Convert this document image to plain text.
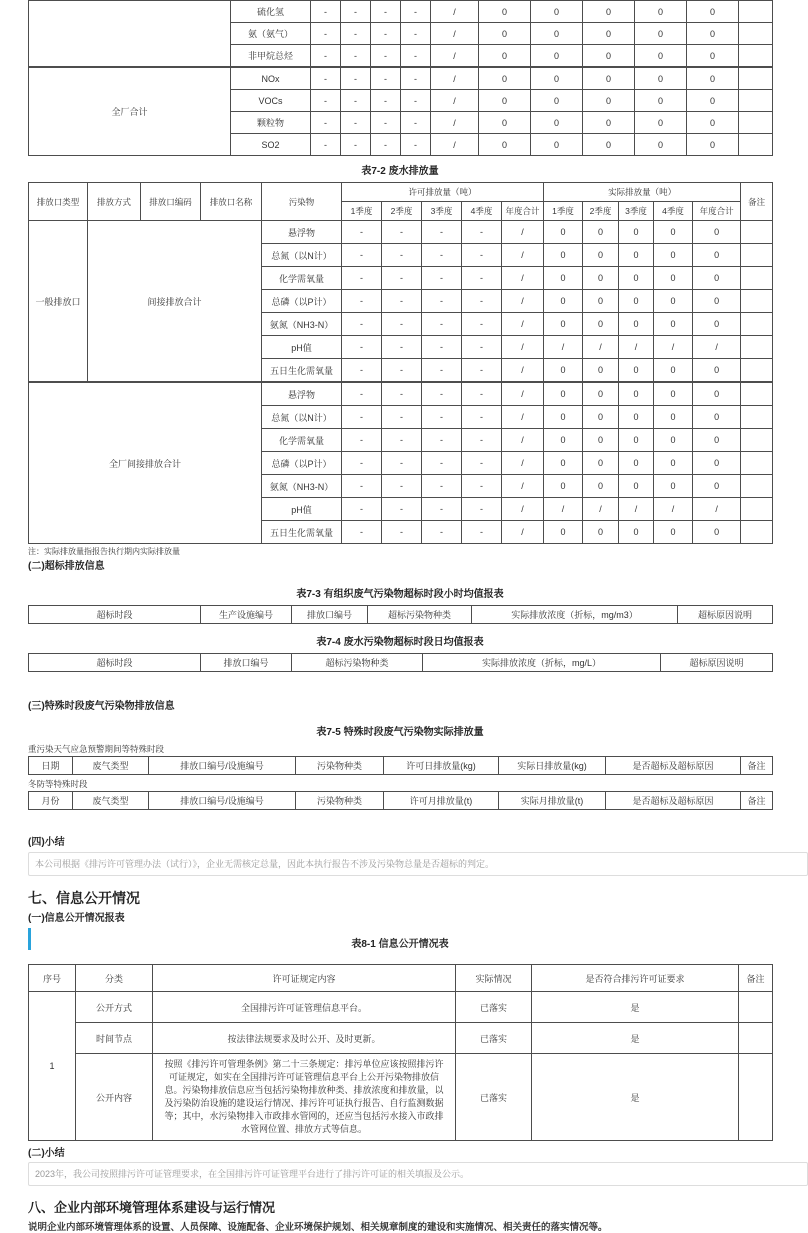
	硫化氢	-	-	-	-	/	0	0	0	0	0	
	氨（氨气）	-	-	-	-	/	0	0	0	0	0	
	非甲烷总烃	-	-	-	-	/	0	0	0	0	0	
全厂合计	NOx	-	-	-	-	/	0	0	0	0	0	
	VOCs	-	-	-	-	/	0	0	0	0	0	
	颗粒物	-	-	-	-	/	0	0	0	0	0	
	SO2	-	-	-	-	/	0	0	0	0	0	
表7-2 废水排放量
排放口类型	排放方式	排放口编码	排放口名称	污染物	许可排放量（吨）					实际排放量（吨）					备注
					1季度	2季度	3季度	4季度	年度合计	1季度	2季度	3季度	4季度	年度合计	
一般排放口	间接排放合计			悬浮物	-	-	-	-	/	0	0	0	0	0	
				总氮（以N计）	-	-	-	-	/	0	0	0	0	0	
				化学需氧量	-	-	-	-	/	0	0	0	0	0	
				总磷（以P计）	-	-	-	-	/	0	0	0	0	0	
				氨氮（NH3-N）	-	-	-	-	/	0	0	0	0	0	
				pH值	-	-	-	-	/	/	/	/	/	/	
				五日生化需氧量	-	-	-	-	/	0	0	0	0	0	
全厂间接排放合计				悬浮物	-	-	-	-	/	0	0	0	0	0	
				总氮（以N计）	-	-	-	-	/	0	0	0	0	0	
				化学需氧量	-	-	-	-	/	0	0	0	0	0	
				总磷（以P计）	-	-	-	-	/	0	0	0	0	0	
				氨氮（NH3-N）	-	-	-	-	/	0	0	0	0	0	
				pH值	-	-	-	-	/	/	/	/	/	/	
				五日生化需氧量	-	-	-	-	/	0	0	0	0	0	
注：实际排放量指报告执行期内实际排放量
(二)超标排放信息
表7-3 有组织废气污染物超标时段小时均值报表
超标时段	生产设施编号	排放口编号	超标污染物种类	实际排放浓度（折标，mg/m3）	超标原因说明
表7-4 废水污染物超标时段日均值报表
超标时段	排放口编号	超标污染物种类	实际排放浓度（折标，mg/L）	超标原因说明
(三)特殊时段废气污染物排放信息
表7-5 特殊时段废气污染物实际排放量
重污染天气应急预警期间等特殊时段
日期	废气类型	排放口编号/设施编号	污染物种类	许可日排放量(kg)	实际日排放量(kg)	是否超标及超标原因	备注
冬防等特殊时段
月份	废气类型	排放口编号/设施编号	污染物种类	许可月排放量(t)	实际月排放量(t)	是否超标及超标原因	备注
(四)小结
本公司根据《排污许可管理办法（试行）》，企业无需核定总量，因此本执行报告不涉及污染物总量是否超标的判定。
七、信息公开情况
(一)信息公开情况报表
表8-1 信息公开情况表
序号	分类	许可证规定内容	实际情况	是否符合排污许可证要求	备注
1	公开方式	全国排污许可证管理信息平台。	已落实	是	
	时间节点	按法律法规要求及时公开、及时更新。	已落实	是	
	公开内容	按照《排污许可管理条例》第二十三条规定：排污单位应该按照排污许可证规定，如实在全国排污许可证管理信息平台上公开污染物排放信息。污染物排放信息应当包括污染物排放种类、排放浓度和排放量，以及污染防治设施的建设运行情况、排污许可证执行报告、自行监测数据等；其中，水污染物排入市政排水管网的，还应当包括污水接入市政排水管网位置、排放方式等信息。	已落实	是	
(二)小结
2023年，我公司按照排污许可证管理要求，在全国排污许可证管理平台进行了排污许可证的相关填报及公示。
八、企业内部环境管理体系建设与运行情况
说明企业内部环境管理体系的设置、人员保障、设施配备、企业环境保护规划、相关规章制度的建设和实施情况、相关责任的落实情况等。
